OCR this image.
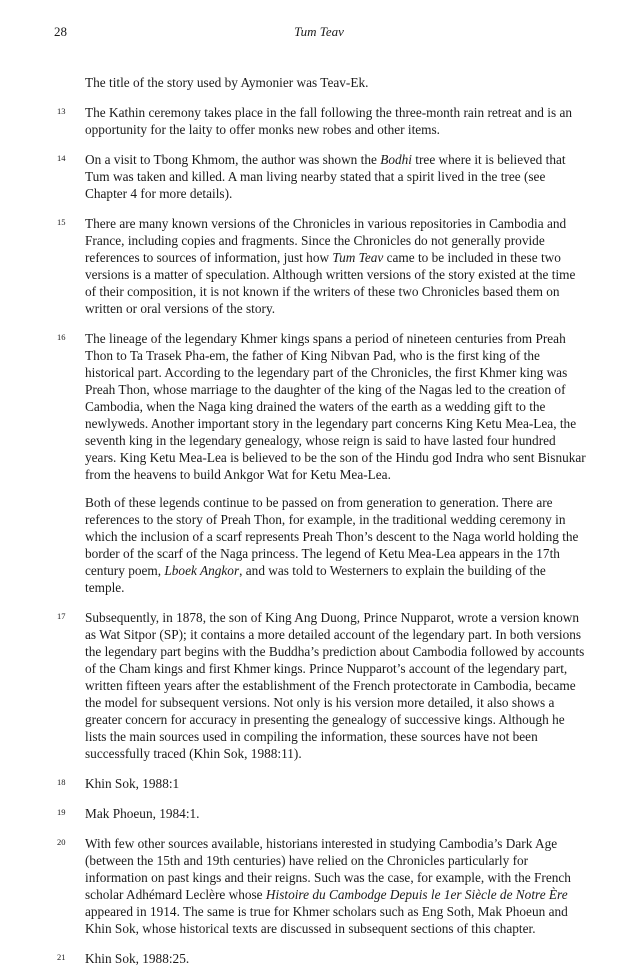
28	Tum Teav

The title of the story used by Aymonier was Teav-Ek.

13 The Kathin ceremony takes place in the fall following the three-month rain retreat and is an opportunity for the laity to offer monks new robes and other items.

14 On a visit to Tbong Khmom, the author was shown the Bodhi tree where it is believed that Tum was taken and killed. A man living nearby stated that a spirit lived in the tree (see Chapter 4 for more details).

15 There are many known versions of the Chronicles in various repositories in Cambodia and France, including copies and fragments. Since the Chronicles do not generally provide references to sources of information, just how Tum Teav came to be included in these two versions is a matter of speculation. Although written versions of the story existed at the time of their composition, it is not known if the writers of these two Chronicles based them on written or oral versions of the story.

16 The lineage of the legendary Khmer kings spans a period of nineteen centuries from Preah Thon to Ta Trasek Pha-em, the father of King Nibvan Pad, who is the first king of the historical part. According to the legendary part of the Chronicles, the first Khmer king was Preah Thon, whose marriage to the daughter of the king of the Nagas led to the creation of Cambodia, when the Naga king drained the waters of the earth as a wedding gift to the newlyweds. Another important story in the legendary part concerns King Ketu Mea-Lea, the seventh king in the legendary genealogy, whose reign is said to have lasted four hundred years. King Ketu Mea-Lea is believed to be the son of the Hindu god Indra who sent Bisnukar from the heavens to build Ankgor Wat for Ketu Mea-Lea.

Both of these legends continue to be passed on from generation to generation. There are references to the story of Preah Thon, for example, in the traditional wedding ceremony in which the inclusion of a scarf represents Preah Thon’s descent to the Naga world holding the border of the scarf of the Naga princess. The legend of Ketu Mea-Lea appears in the 17th century poem, Lboek Angkor, and was told to Westerners to explain the building of the temple.

17 Subsequently, in 1878, the son of King Ang Duong, Prince Nupparot, wrote a version known as Wat Sitpor (SP); it contains a more detailed account of the legendary part. In both versions the legendary part begins with the Buddha’s prediction about Cambodia followed by accounts of the Cham kings and first Khmer kings. Prince Nupparot’s account of the legendary part, written fifteen years after the establishment of the French protectorate in Cambodia, became the model for subsequent versions. Not only is his version more detailed, it also shows a greater concern for accuracy in presenting the genealogy of successive kings. Although he lists the main sources used in compiling the information, these sources have not been successfully traced (Khin Sok, 1988:11).

18 Khin Sok, 1988:1

19 Mak Phoeun, 1984:1.

20 With few other sources available, historians interested in studying Cambodia’s Dark Age (between the 15th and 19th centuries) have relied on the Chronicles particularly for information on past kings and their reigns. Such was the case, for example, with the French scholar Adhémard Leclère whose Histoire du Cambodge Depuis le 1er Siècle de Notre Ère appeared in 1914. The same is true for Khmer scholars such as Eng Soth, Mak Phoeun and Khin Sok, whose historical texts are discussed in subsequent sections of this chapter.

21 Khin Sok, 1988:25.
